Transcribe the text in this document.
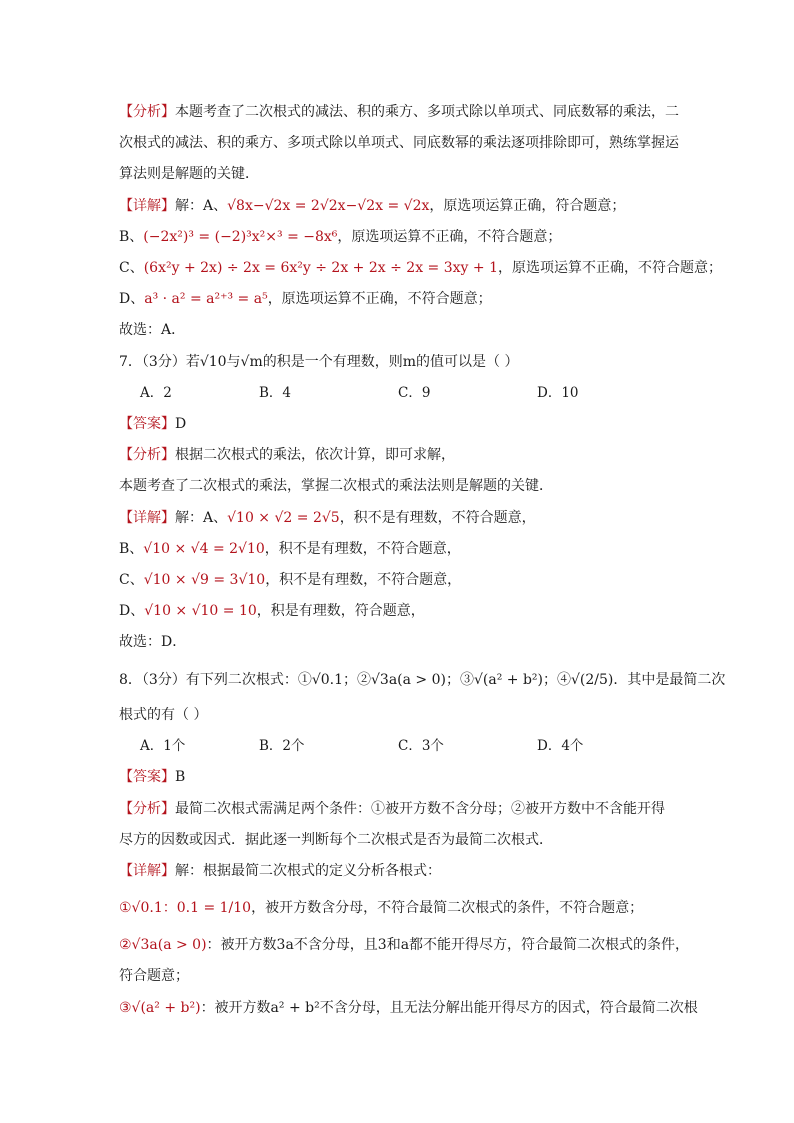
【分析】本题考查了二次根式的减法、积的乘方、多项式除以单项式、同底数幂的乘法，二
次根式的减法、积的乘方、多项式除以单项式、同底数幂的乘法逐项排除即可，熟练掌握运
算法则是解题的关键．
【详解】解：A、√8x−√2x = 2√2x−√2x = √2x，原选项运算正确，符合题意；
B、(−2x²)³ = (−2)³x²×³ = −8x⁶，原选项运算不正确，不符合题意；
C、(6x²y + 2x) ÷ 2x = 6x²y ÷ 2x + 2x ÷ 2x = 3xy + 1，原选项运算不正确，不符合题意；
D、a³ · a² = a²⁺³ = a⁵，原选项运算不正确，不符合题意；
故选：A．
7．（3分）若√10与√m的积是一个有理数，则m的值可以是（ ）
A．2	B．4	C．9	D．10
【答案】D
【分析】根据二次根式的乘法，依次计算，即可求解，
本题考查了二次根式的乘法，掌握二次根式的乘法法则是解题的关键．
【详解】解：A、√10 × √2 = 2√5，积不是有理数，不符合题意，
B、√10 × √4 = 2√10，积不是有理数，不符合题意，
C、√10 × √9 = 3√10，积不是有理数，不符合题意，
D、√10 × √10 = 10，积是有理数，符合题意，
故选：D．
8．（3分）有下列二次根式：①√0.1；②√3a(a > 0)；③√(a² + b²)；④√(2/5)．其中是最简二次
根式的有（ ）
A．1个	B．2个	C．3个	D．4个
【答案】B
【分析】最简二次根式需满足两个条件：①被开方数不含分母；②被开方数中不含能开得
尽方的因数或因式．据此逐一判断每个二次根式是否为最简二次根式．
【详解】解：根据最简二次根式的定义分析各根式：
①√0.1：0.1 = 1/10，被开方数含分母，不符合最简二次根式的条件，不符合题意；
②√3a(a > 0)：被开方数3a不含分母，且3和a都不能开得尽方，符合最简二次根式的条件，
符合题意；
③√(a² + b²)：被开方数a² + b²不含分母，且无法分解出能开得尽方的因式，符合最简二次根
